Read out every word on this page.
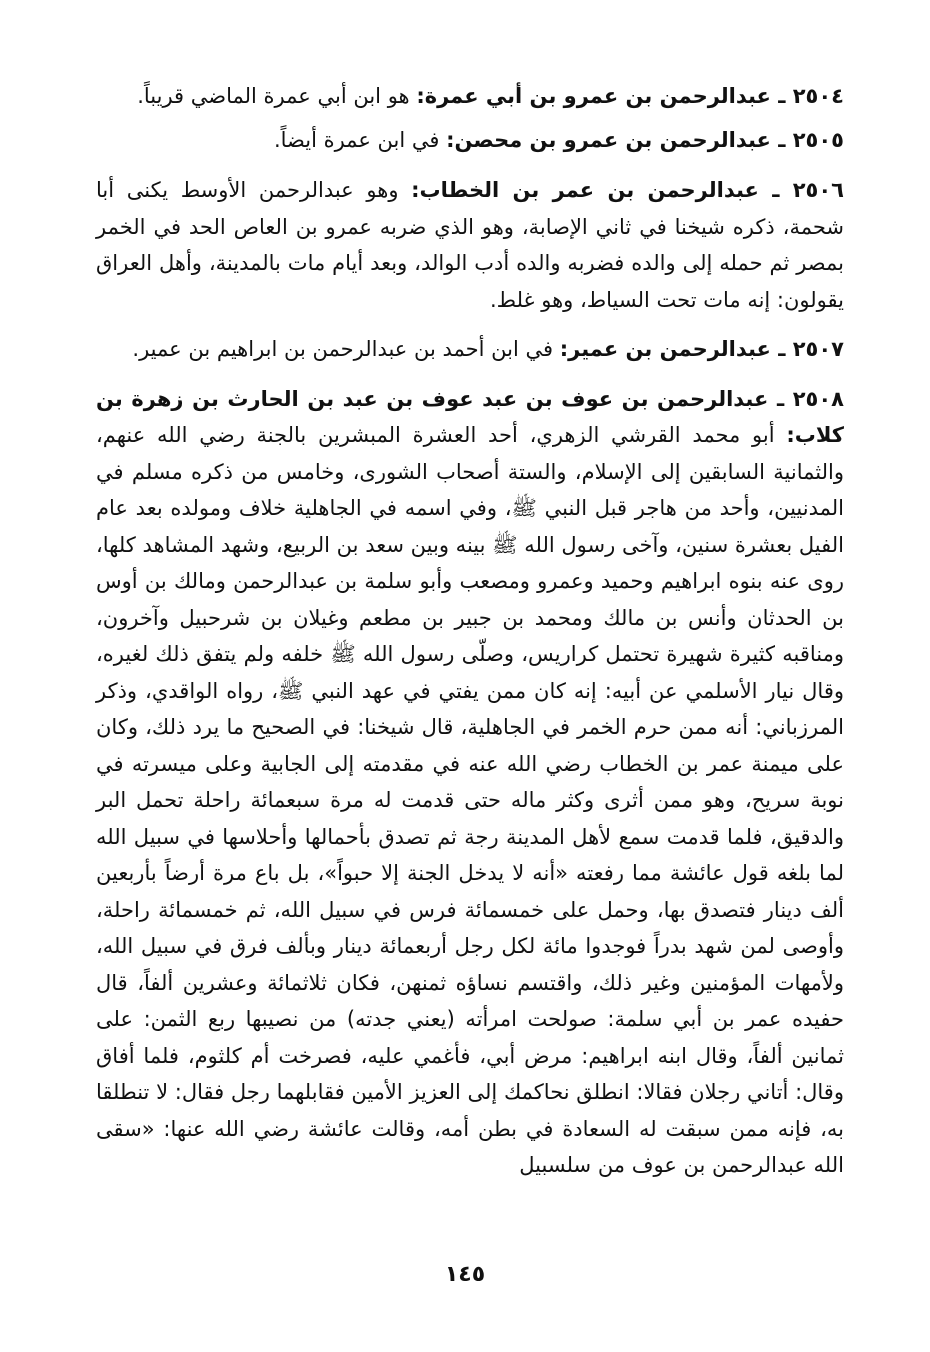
٢٥٠٤ ـ عبدالرحمن بن عمرو بن أبي عمرة: هو ابن أبي عمرة الماضي قريباً.

٢٥٠٥ ـ عبدالرحمن بن عمرو بن محصن: في ابن عمرة أيضاً.

٢٥٠٦ ـ عبدالرحمن بن عمر بن الخطاب: وهو عبدالرحمن الأوسط يكنى أبا شحمة، ذكره شيخنا في ثاني الإصابة، وهو الذي ضربه عمرو بن العاص الحد في الخمر بمصر ثم حمله إلى والده فضربه والده أدب الوالد، وبعد أيام مات بالمدينة، وأهل العراق يقولون: إنه مات تحت السياط، وهو غلط.

٢٥٠٧ ـ عبدالرحمن بن عمير: في ابن أحمد بن عبدالرحمن بن ابراهيم بن عمير.

٢٥٠٨ ـ عبدالرحمن بن عوف بن عبد عوف بن عبد بن الحارث بن زهرة بن كلاب: أبو محمد القرشي الزهري، أحد العشرة المبشرين بالجنة رضي الله عنهم، والثمانية السابقين إلى الإسلام، والستة أصحاب الشورى، وخامس من ذكره مسلم في المدنيين، وأحد من هاجر قبل النبي ﷺ، وفي اسمه في الجاهلية خلاف ومولده بعد عام الفيل بعشرة سنين، وآخى رسول الله ﷺ بينه وبين سعد بن الربيع، وشهد المشاهد كلها، روى عنه بنوه ابراهيم وحميد وعمرو ومصعب وأبو سلمة بن عبدالرحمن ومالك بن أوس بن الحدثان وأنس بن مالك ومحمد بن جبير بن مطعم وغيلان بن شرحبيل وآخرون، ومناقبه كثيرة شهيرة تحتمل كراريس، وصلّى رسول الله ﷺ خلفه ولم يتفق ذلك لغيره، وقال نيار الأسلمي عن أبيه: إنه كان ممن يفتي في عهد النبي ﷺ، رواه الواقدي، وذكر المرزباني: أنه ممن حرم الخمر في الجاهلية، قال شيخنا: في الصحيح ما يرد ذلك، وكان على ميمنة عمر بن الخطاب رضي الله عنه في مقدمته إلى الجابية وعلى ميسرته في نوبة سريح، وهو ممن أثرى وكثر ماله حتى قدمت له مرة سبعمائة راحلة تحمل البر والدقيق، فلما قدمت سمع لأهل المدينة رجة ثم تصدق بأحمالها وأحلاسها في سبيل الله لما بلغه قول عائشة مما رفعته «أنه لا يدخل الجنة إلا حبواً»، بل باع مرة أرضاً بأربعين ألف دينار فتصدق بها، وحمل على خمسمائة فرس في سبيل الله، ثم خمسمائة راحلة، وأوصى لمن شهد بدراً فوجدوا مائة لكل رجل أربعمائة دينار وبألف فرق في سبيل الله، ولأمهات المؤمنين وغير ذلك، واقتسم نساؤه ثمنهن، فكان ثلاثمائة وعشرين ألفاً، قال حفيده عمر بن أبي سلمة: صولحت امرأته (يعني جدته) من نصيبها ربع الثمن: على ثمانين ألفاً، وقال ابنه ابراهيم: مرض أبي، فأغمي عليه، فصرخت أم كلثوم، فلما أفاق وقال: أتاني رجلان فقالا: انطلق نحاكمك إلى العزيز الأمين فقابلهما رجل فقال: لا تنطلقا به، فإنه ممن سبقت له السعادة في بطن أمه، وقالت عائشة رضي الله عنها: «سقى الله عبدالرحمن بن عوف من سلسبيل

١٤٥
